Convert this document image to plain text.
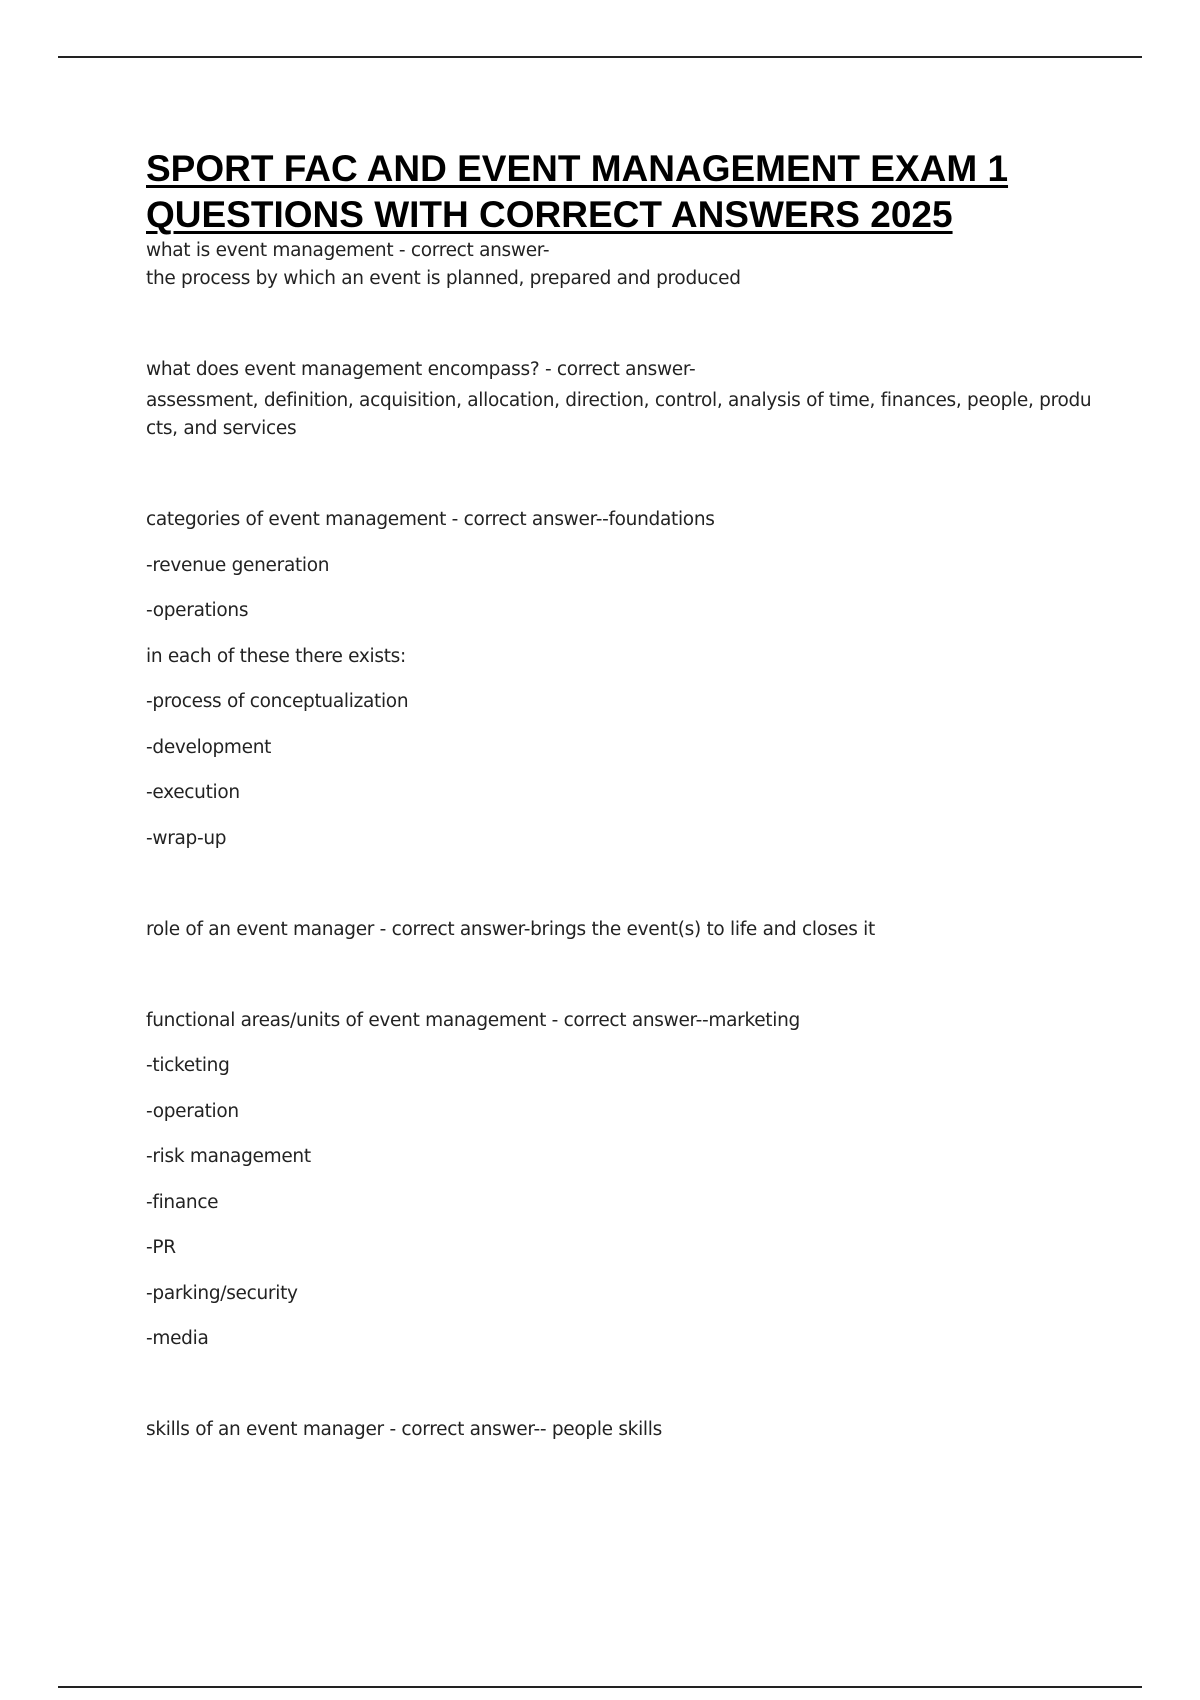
SPORT FAC AND EVENT MANAGEMENT EXAM 1
QUESTIONS WITH CORRECT ANSWERS 2025
what is event management - correct answer-
the process by which an event is planned, prepared and produced
what does event management encompass? - correct answer-
assessment, definition, acquisition, allocation, direction, control, analysis of time, finances, people, produ
cts, and services
categories of event management - correct answer--foundations
-revenue generation
-operations
in each of these there exists:
-process of conceptualization
-development
-execution
-wrap-up
role of an event manager - correct answer-brings the event(s) to life and closes it
functional areas/units of event management - correct answer--marketing
-ticketing
-operation
-risk management
-finance
-PR
-parking/security
-media
skills of an event manager - correct answer-- people skills
